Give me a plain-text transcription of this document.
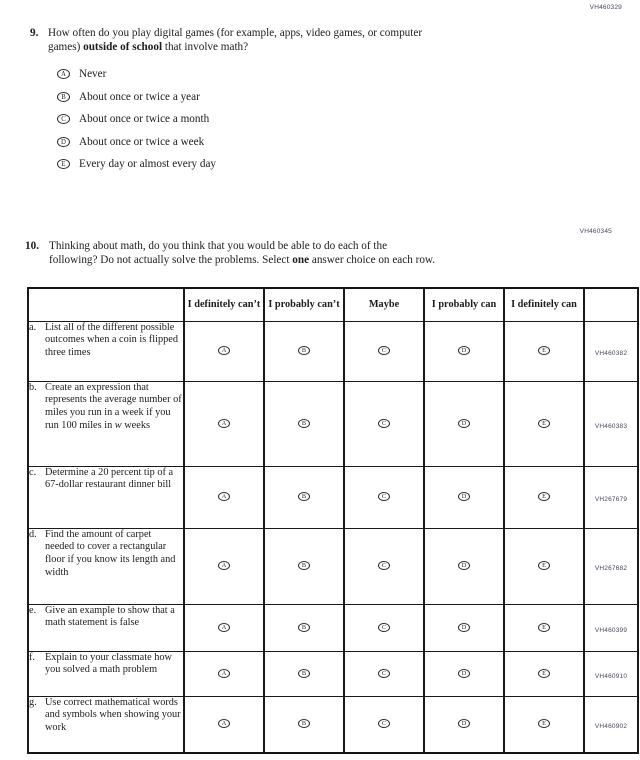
VH460329
9. How often do you play digital games (for example, apps, video games, or computer
games) outside of school that involve math?
A	Never
B	About once or twice a year
C	About once or twice a month
D	About once or twice a week
E	Every day or almost every day
VH460345
10. Thinking about math, do you think that you would be able to do each of the
following? Do not actually solve the problems. Select one answer choice on each row.
	I definitely can’t	I probably can’t	Maybe	I probably can	I definitely can	

a. List all of the different possible outcomes when a coin is flipped three times	A	B	C	D	E	VH460382

b. Create an expression that represents the average number of miles you run in a week if you run 100 miles in w weeks	A	B	C	D	E	VH460383

c. Determine a 20 percent tip of a 67-dollar restaurant dinner bill	A	B	C	D	E	VH267679

d. Find the amount of carpet needed to cover a rectangular floor if you know its length and width	A	B	C	D	E	VH267682

e. Give an example to show that a math statement is false	A	B	C	D	E	VH460399

f. Explain to your classmate how you solved a math problem	A	B	C	D	E	VH460910

g. Use correct mathematical words and symbols when showing your work	A	B	C	D	E	VH460902
